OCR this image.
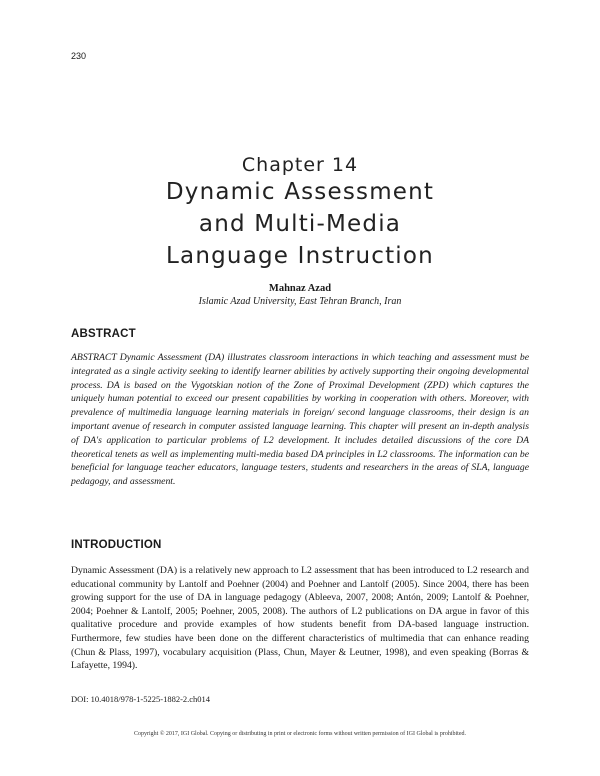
230
Chapter 14
Dynamic Assessment
and Multi-Media
Language Instruction
Mahnaz Azad
Islamic Azad University, East Tehran Branch, Iran
ABSTRACT
ABSTRACT Dynamic Assessment (DA) illustrates classroom interactions in which teaching and assessment must be integrated as a single activity seeking to identify learner abilities by actively supporting their ongoing developmental process. DA is based on the Vygotskian notion of the Zone of Proximal Development (ZPD) which captures the uniquely human potential to exceed our present capabilities by working in cooperation with others. Moreover, with prevalence of multimedia language learning materials in foreign/ second language classrooms, their design is an important avenue of research in computer assisted language learning. This chapter will present an in-depth analysis of DA's application to particular problems of L2 development. It includes detailed discussions of the core DA theoretical tenets as well as implementing multi-media based DA principles in L2 classrooms. The information can be beneficial for language teacher educators, language testers, students and researchers in the areas of SLA, language pedagogy, and assessment.
INTRODUCTION
Dynamic Assessment (DA) is a relatively new approach to L2 assessment that has been introduced to L2 research and educational community by Lantolf and Poehner (2004) and Poehner and Lantolf (2005). Since 2004, there has been growing support for the use of DA in language pedagogy (Ableeva, 2007, 2008; Antón, 2009; Lantolf & Poehner, 2004; Poehner & Lantolf, 2005; Poehner, 2005, 2008). The authors of L2 publications on DA argue in favor of this qualitative procedure and provide examples of how students benefit from DA-based language instruction. Furthermore, few studies have been done on the different characteristics of multimedia that can enhance reading (Chun & Plass, 1997), vocabulary acquisition (Plass, Chun, Mayer & Leutner, 1998), and even speaking (Borras & Lafayette, 1994).
DOI: 10.4018/978-1-5225-1882-2.ch014
Copyright © 2017, IGI Global. Copying or distributing in print or electronic forms without written permission of IGI Global is prohibited.
